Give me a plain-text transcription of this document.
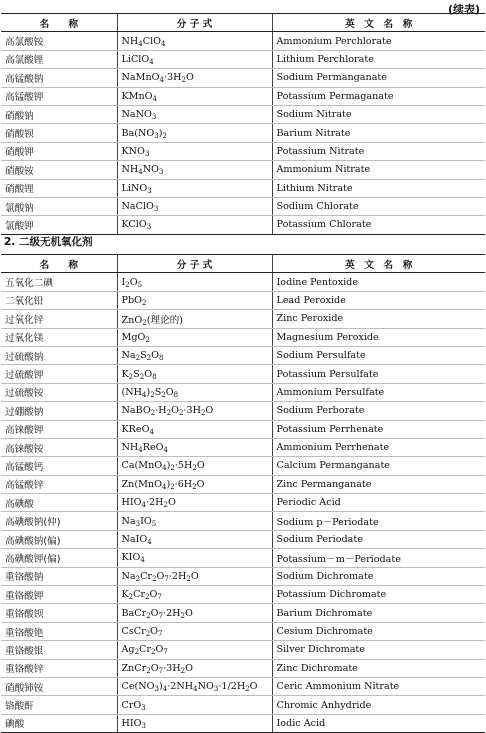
(续表)
名　　称	分 子 式	英　文　名　称
高氯酸铵	$NH_4ClO_4$	Ammonium Perchlorate
高氯酸锂	LiClO$_4$	Lithium Perchlorate
高锰酸钠	$NaMnO_4\cdot 3H_2O$	Sodium Permanganate
高锰酸钾	KMnO$_4$	Potassium Permaganate
硝酸钠	NaNO$_3$	Sodium Nitrate
硝酸钡	$Ba(NO_3)_2$	Barium Nitrate
硝酸钾	$KNO_3$	Potassium Nitrate
硝酸铵	$NH_4NO_3$	Ammonium Nitrate
硝酸锂	LiNO$_3$	Lithium Nitrate
氯酸钠	NaClO$_3$	Sodium Chlorate
氯酸钾	KClO$_3$	Potassium Chlorate
2. 二级无机氧化剂
名　　称	分 子 式	英　文　名　称
五氧化二碘	$I_2O_5$	Iodine Pentoxide
二氧化铅	PbO$_2$	Lead Peroxide
过氧化锌	ZnO$_2$(理论的)	Zinc Peroxide
过氧化镁	MgO$_2$	Magnesium Peroxide
过硫酸钠	$Na_2S_2O_8$	Sodium Persulfate
过硫酸钾	$K_2S_2O_8$	Potassium Persulfate
过硫酸铵	$(NH_4)_2S_2O_8$	Ammonium Persulfate
过硼酸钠	$NaBO_2\cdot H_2O_2\cdot 3H_2O$	Sodium Perborate
高铼酸钾	KReO$_4$	Potassium Perrhenate
高铼酸铵	$NH_4ReO_4$	Ammonium Perrhenate
高锰酸钙	$Ca(MnO_4)_2\cdot 5H_2O$	Calcium Permanganate
高锰酸锌	$Zn(MnO_4)_2\cdot 6H_2O$	Zinc Permanganate
高碘酸	$HIO_4\cdot 2H_2O$	Periodic Acid
高碘酸钠(仲)	$Na_3IO_5$	Sodium p－Periodate
高碘酸钠(偏)	NaIO$_4$	Sodium Periodate
高碘酸钾(偏)	$KIO_4$	Potassium－m－Periodate
重铬酸钠	$Na_2Cr_2O_7\cdot 2H_2O$	Sodium Dichromate
重铬酸钾	$K_2Cr_2O_7$	Potassium Dichromate
重铬酸钡	$BaCr_2O_7\cdot 2H_2O$	Barium Dichromate
重铬酸铯	$CsCr_2O_7$	Cesium Dichromate
重铬酸银	$Ag_2Cr_2O_7$	Silver Dichromate
重铬酸锌	$ZnCr_2O_7\cdot 3H_2O$	Zinc Dichromate
硝酸铈铵	$Ce(NO_3)_4\cdot 2NH_4NO_3\cdot 1/2H_2O$	Ceric Ammonium Nitrate
铬酸酐	CrO$_3$	Chromic Anhydride
碘酸	$HIO_3$	Iodic Acid
